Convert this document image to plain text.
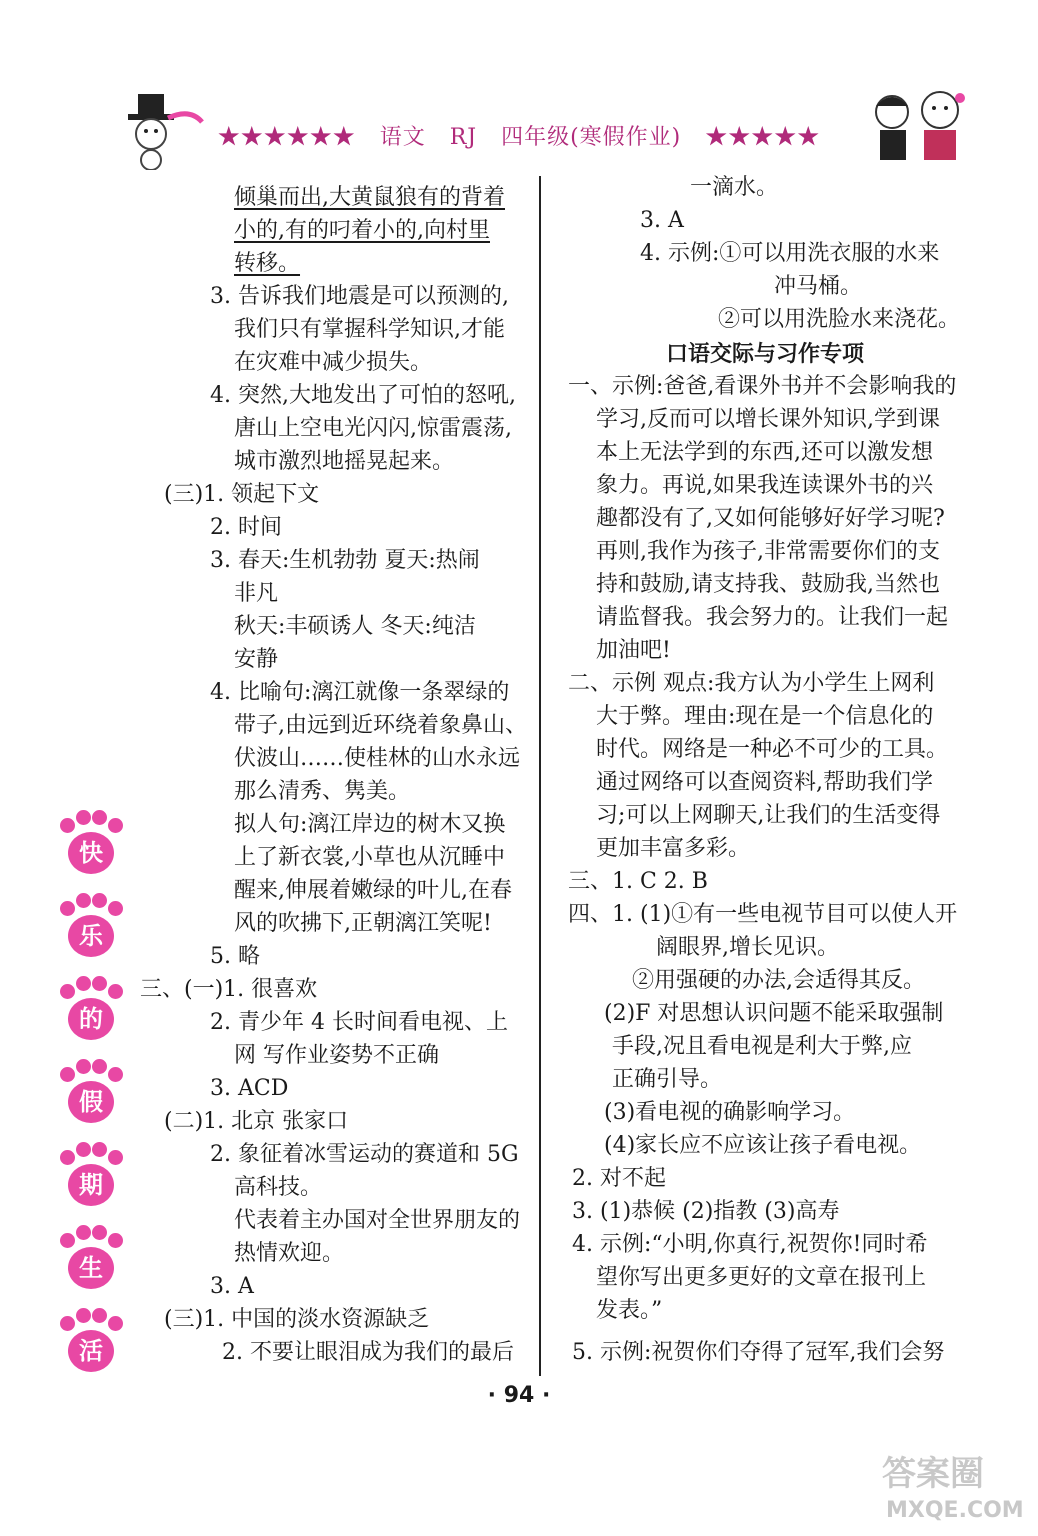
★★★★★★   语文   RJ   四年级(寒假作业)   ★★★★★
倾巢而出,大黄鼠狼有的背着
小的,有的叼着小的,向村里
转移。
3. 告诉我们地震是可以预测的,
我们只有掌握科学知识,才能
在灾难中减少损失。
4. 突然,大地发出了可怕的怒吼,
唐山上空电光闪闪,惊雷震荡,
城市激烈地摇晃起来。
(三)1. 领起下文
2. 时间
3. 春天:生机勃勃 夏天:热闹
非凡
秋天:丰硕诱人 冬天:纯洁
安静
4. 比喻句:漓江就像一条翠绿的
带子,由远到近环绕着象鼻山、
伏波山……使桂林的山水永远
那么清秀、隽美。
拟人句:漓江岸边的树木又换
上了新衣裳,小草也从沉睡中
醒来,伸展着嫩绿的叶儿,在春
风的吹拂下,正朝漓江笑呢!
5. 略
三、(一)1. 很喜欢
2. 青少年 4 长时间看电视、上
网 写作业姿势不正确
3. ACD
(二)1. 北京 张家口
2. 象征着冰雪运动的赛道和 5G
高科技。
代表着主办国对全世界朋友的
热情欢迎。
3. A
(三)1. 中国的淡水资源缺乏
2. 不要让眼泪成为我们的最后
一滴水。
3. A
4. 示例:①可以用洗衣服的水来
冲马桶。
②可以用洗脸水来浇花。
口语交际与习作专项
一、示例:爸爸,看课外书并不会影响我的
学习,反而可以增长课外知识,学到课
本上无法学到的东西,还可以激发想
象力。再说,如果我连读课外书的兴
趣都没有了,又如何能够好好学习呢?
再则,我作为孩子,非常需要你们的支
持和鼓励,请支持我、鼓励我,当然也
请监督我。我会努力的。让我们一起
加油吧!
二、示例 观点:我方认为小学生上网利
大于弊。理由:现在是一个信息化的
时代。网络是一种必不可少的工具。
通过网络可以查阅资料,帮助我们学
习;可以上网聊天,让我们的生活变得
更加丰富多彩。
三、1. C 2. B
四、1. (1)①有一些电视节目可以使人开
阔眼界,增长见识。
②用强硬的办法,会适得其反。
(2)F 对思想认识问题不能采取强制
手段,况且看电视是利大于弊,应
正确引导。
(3)看电视的确影响学习。
(4)家长应不应该让孩子看电视。
2. 对不起
3. (1)恭候 (2)指教 (3)高寿
4. 示例:“小明,你真行,祝贺你!同时希
望你写出更多更好的文章在报刊上
发表。”
5. 示例:祝贺你们夺得了冠军,我们会努
快
乐
的
假
期
生
活
· 94 ·
答案圈
MXQE.COM
